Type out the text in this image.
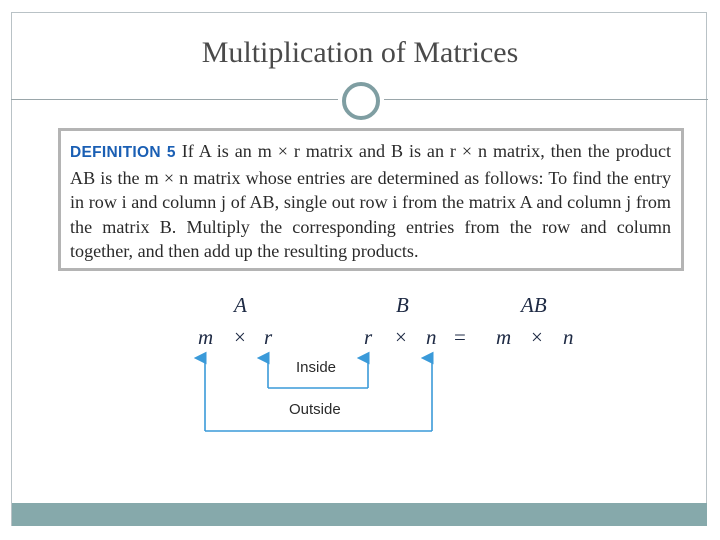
Multiplication of Matrices

DEFINITION 5 If A is an m × r matrix and B is an r × n matrix, then the product AB is the m × n matrix whose entries are determined as follows: To find the entry in row i and column j of AB, single out row i from the matrix A and column j from the matrix B. Multiply the corresponding entries from the row and column together, and then add up the resulting products.

A
m × r
B
r × n =
AB
m × n
Inside
Outside
